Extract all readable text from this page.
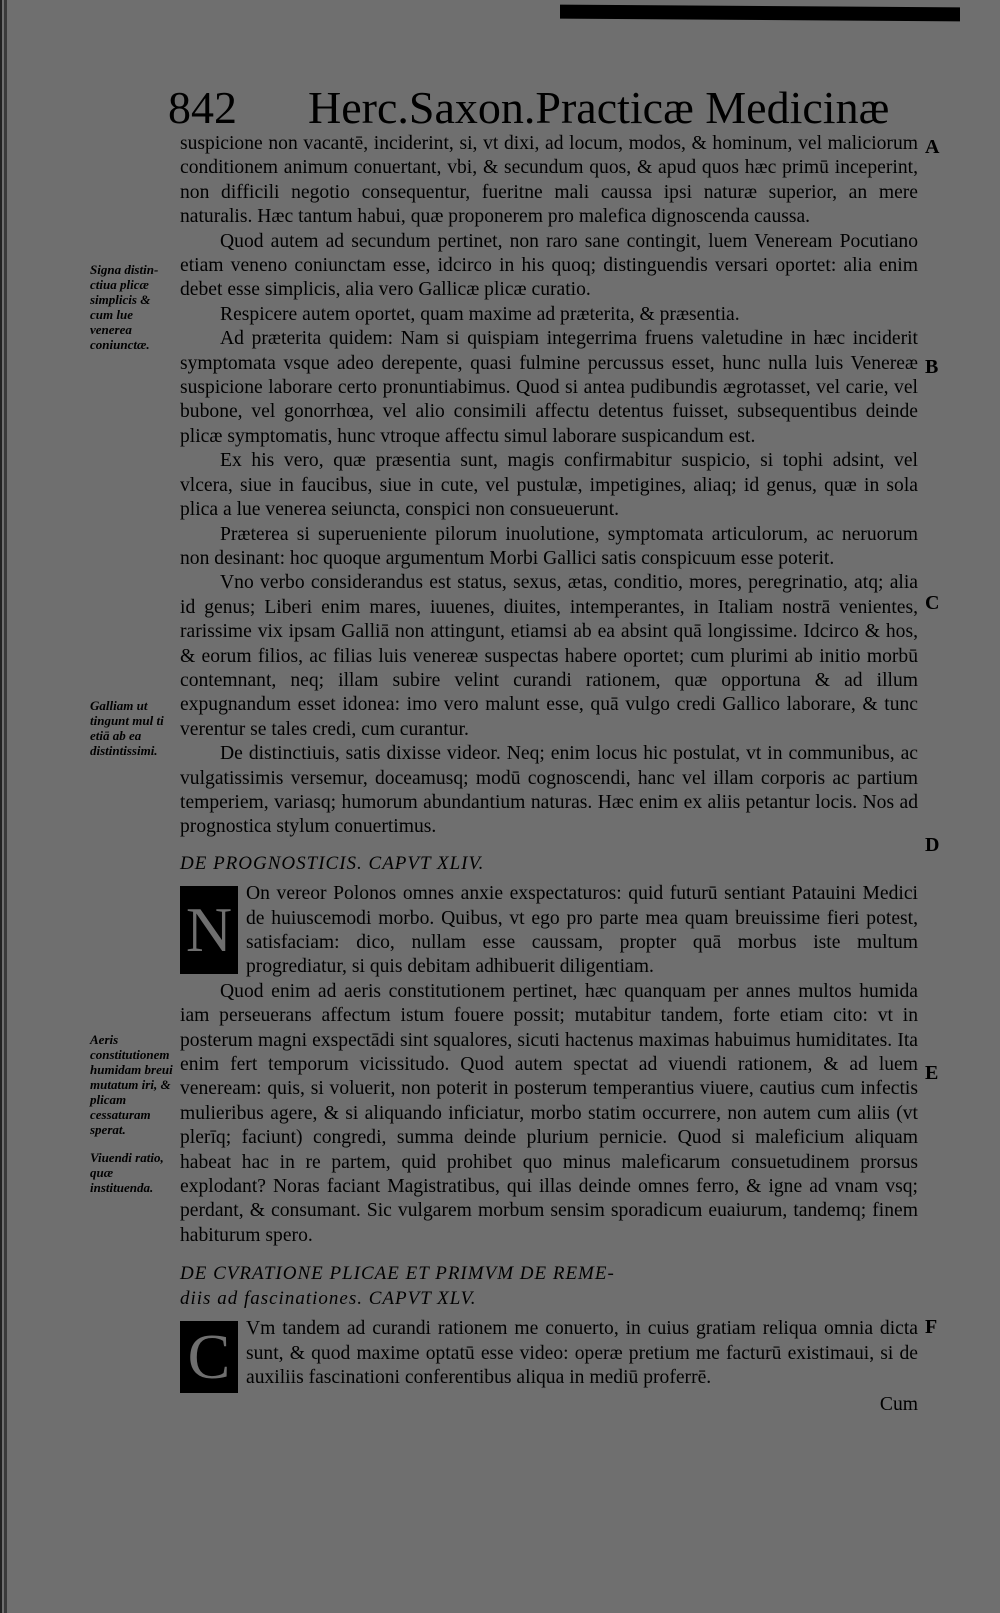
842 Herc.Saxon.Practicæ Medicinæ
A
B
C
D
E
F
Signa distin-ctiua plicæ simplicis & cum lue venerea coniunctæ.
Galliam ut tingunt mul ti etiā ab ea distintissimi.
Aeris constitutionem humidam breui mutatum iri, & plicam cessaturam sperat.
Viuendi ratio, quæ instituenda.

suspicione non vacantē, inciderint, si, vt dixi, ad locum, modos, & hominum, vel maliciorum conditionem animum conuertant, vbi, & secundum quos, & apud quos hæc primū inceperint, non difficili negotio consequentur, fueritne mali caussa ipsi naturæ superior, an mere naturalis. Hæc tantum habui, quæ proponerem pro malefica dignoscenda caussa.

Quod autem ad secundum pertinet, non raro sane contingit, luem Veneream Pocutiano etiam veneno coniunctam esse, idcirco in his quoq; distinguendis versari oportet: alia enim debet esse simplicis, alia vero Gallicæ plicæ curatio.

Respicere autem oportet, quam maxime ad præterita, & præsentia.

Ad præterita quidem: Nam si quispiam integerrima fruens valetudine in hæc inciderit symptomata vsque adeo derepente, quasi fulmine percussus esset, hunc nulla luis Venereæ suspicione laborare certo pronuntiabimus. Quod si antea pudibundis ægrotasset, vel carie, vel bubone, vel gonorrhœa, vel alio consimili affectu detentus fuisset, subsequentibus deinde plicæ symptomatis, hunc vtroque affectu simul laborare suspicandum est.

Ex his vero, quæ præsentia sunt, magis confirmabitur suspicio, si tophi adsint, vel vlcera, siue in faucibus, siue in cute, vel pustulæ, impetigines, aliaq; id genus, quæ in sola plica a lue venerea seiuncta, conspici non consueuerunt.

Præterea si superueniente pilorum inuolutione, symptomata articulorum, ac neruorum non desinant: hoc quoque argumentum Morbi Gallici satis conspicuum esse poterit.

Vno verbo considerandus est status, sexus, ætas, conditio, mores, peregrinatio, atq; alia id genus; Liberi enim mares, iuuenes, diuites, intemperantes, in Italiam nostrā venientes, rarissime vix ipsam Galliā non attingunt, etiamsi ab ea absint quā longissime. Idcirco & hos, & eorum filios, ac filias luis venereæ suspectas habere oportet; cum plurimi ab initio morbū contemnant, neq; illam subire velint curandi rationem, quæ opportuna & ad illum expugnandum esset idonea: imo vero malunt esse, quā vulgo credi Gallico laborare, & tunc verentur se tales credi, cum curantur.

De distinctiuis, satis dixisse videor. Neq; enim locus hic postulat, vt in communibus, ac vulgatissimis versemur, doceamusq; modū cognoscendi, hanc vel illam corporis ac partium temperiem, variasq; humorum abundantium naturas. Hæc enim ex aliis petantur locis. Nos ad prognostica stylum conuertimus.

DE PROGNOSTICIS. CAPVT XLIV.

N

On vereor Polonos omnes anxie exspectaturos: quid futurū sentiant Patauini Medici de huiuscemodi morbo. Quibus, vt ego pro parte mea quam breuissime fieri potest, satisfaciam: dico, nullam esse caussam, propter quā morbus iste multum progrediatur, si quis debitam adhibuerit diligentiam.

Quod enim ad aeris constitutionem pertinet, hæc quanquam per annes multos humida iam perseuerans affectum istum fouere possit; mutabitur tandem, forte etiam cito: vt in posterum magni exspectādi sint squalores, sicuti hactenus maximas habuimus humiditates. Ita enim fert temporum vicissitudo. Quod autem spectat ad viuendi rationem, & ad luem veneream: quis, si voluerit, non poterit in posterum temperantius viuere, cautius cum infectis mulieribus agere, & si aliquando inficiatur, morbo statim occurrere, non autem cum aliis (vt plerīq; faciunt) congredi, summa deinde plurium pernicie. Quod si maleficium aliquam habeat hac in re partem, quid prohibet quo minus maleficarum consuetudinem prorsus explodant? Noras faciant Magistratibus, qui illas deinde omnes ferro, & igne ad vnam vsq; perdant, & consumant. Sic vulgarem morbum sensim sporadicum euaiurum, tandemq; finem habiturum spero.

DE CVRATIONE PLICAE ET PRIMVM DE REME-

diis ad fascinationes. CAPVT XLV.

C Vm tandem ad curandi rationem me conuerto, in cuius gratiam reliqua omnia dicta sunt, & quod maxime optatū esse video: operæ pretium me facturū existimaui, si de auxiliis fascinationi conferentibus aliqua in mediū proferrē.

Cum
